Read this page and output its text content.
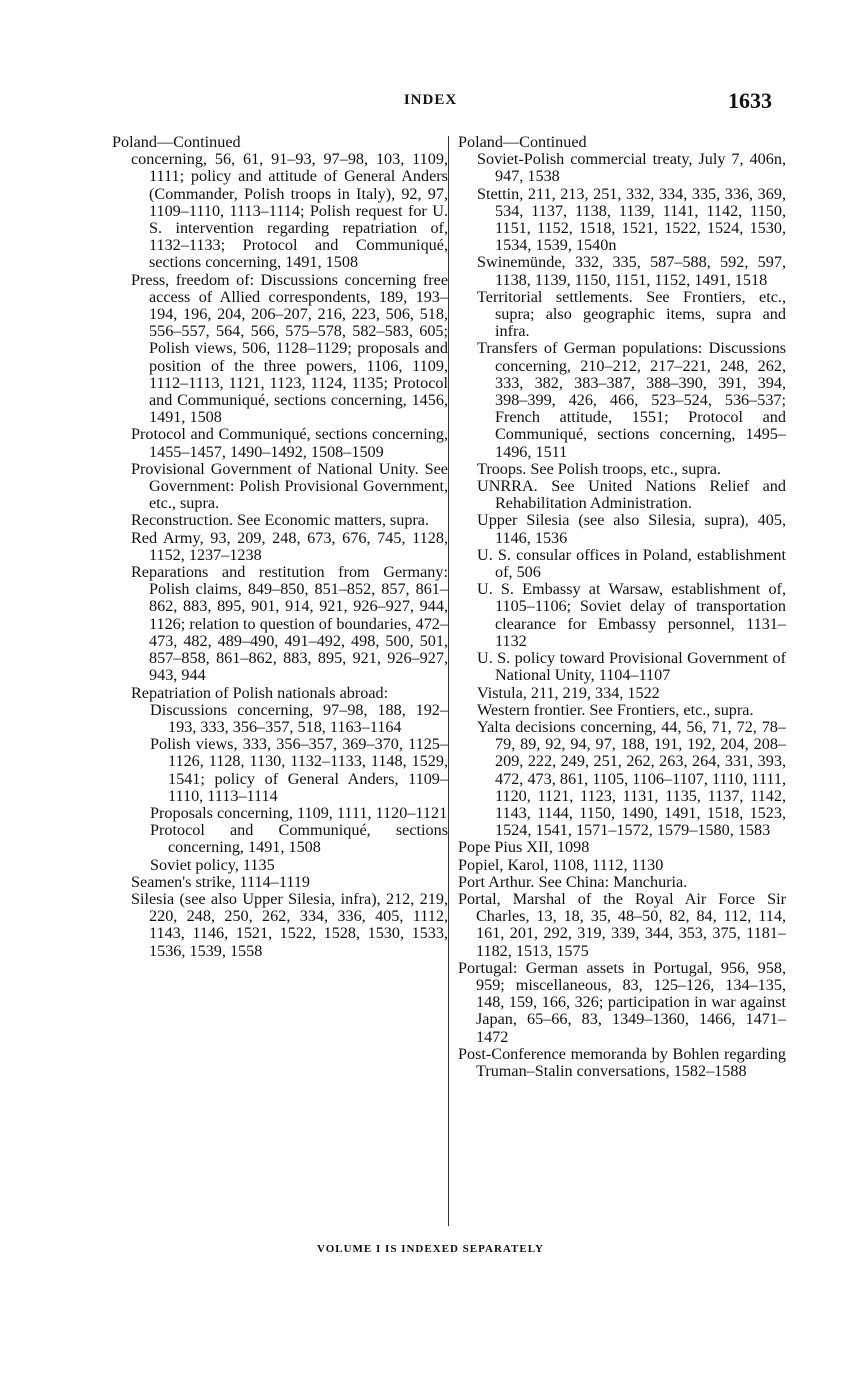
INDEX	1633
Poland—Continued
concerning, 56, 61, 91–93, 97–98, 103, 1109, 1111; policy and attitude of General Anders (Commander, Polish troops in Italy), 92, 97, 1109–1110, 1113–1114; Polish request for U. S. intervention regarding repatriation of, 1132–1133; Protocol and Communiqué, sections concerning, 1491, 1508
Press, freedom of: Discussions concerning free access of Allied correspondents, 189, 193–194, 196, 204, 206–207, 216, 223, 506, 518, 556–557, 564, 566, 575–578, 582–583, 605; Polish views, 506, 1128–1129; proposals and position of the three powers, 1106, 1109, 1112–1113, 1121, 1123, 1124, 1135; Protocol and Communiqué, sections concerning, 1456, 1491, 1508
Protocol and Communiqué, sections concerning, 1455–1457, 1490–1492, 1508–1509
Provisional Government of National Unity. See Government: Polish Provisional Government, etc., supra.
Reconstruction. See Economic matters, supra.
Red Army, 93, 209, 248, 673, 676, 745, 1128, 1152, 1237–1238
Reparations and restitution from Germany: Polish claims, 849–850, 851–852, 857, 861–862, 883, 895, 901, 914, 921, 926–927, 944, 1126; relation to question of boundaries, 472–473, 482, 489–490, 491–492, 498, 500, 501, 857–858, 861–862, 883, 895, 921, 926–927, 943, 944
Repatriation of Polish nationals abroad:
Discussions concerning, 97–98, 188, 192–193, 333, 356–357, 518, 1163–1164
Polish views, 333, 356–357, 369–370, 1125–1126, 1128, 1130, 1132–1133, 1148, 1529, 1541; policy of General Anders, 1109–1110, 1113–1114
Proposals concerning, 1109, 1111, 1120–1121
Protocol and Communiqué, sections concerning, 1491, 1508
Soviet policy, 1135
Seamen's strike, 1114–1119
Silesia (see also Upper Silesia, infra), 212, 219, 220, 248, 250, 262, 334, 336, 405, 1112, 1143, 1146, 1521, 1522, 1528, 1530, 1533, 1536, 1539, 1558
Poland—Continued
Soviet-Polish commercial treaty, July 7, 406n, 947, 1538
Stettin, 211, 213, 251, 332, 334, 335, 336, 369, 534, 1137, 1138, 1139, 1141, 1142, 1150, 1151, 1152, 1518, 1521, 1522, 1524, 1530, 1534, 1539, 1540n
Swinemünde, 332, 335, 587–588, 592, 597, 1138, 1139, 1150, 1151, 1152, 1491, 1518
Territorial settlements. See Frontiers, etc., supra; also geographic items, supra and infra.
Transfers of German populations: Discussions concerning, 210–212, 217–221, 248, 262, 333, 382, 383–387, 388–390, 391, 394, 398–399, 426, 466, 523–524, 536–537; French attitude, 1551; Protocol and Communiqué, sections concerning, 1495–1496, 1511
Troops. See Polish troops, etc., supra.
UNRRA. See United Nations Relief and Rehabilitation Administration.
Upper Silesia (see also Silesia, supra), 405, 1146, 1536
U. S. consular offices in Poland, establishment of, 506
U. S. Embassy at Warsaw, establishment of, 1105–1106; Soviet delay of transportation clearance for Embassy personnel, 1131–1132
U. S. policy toward Provisional Government of National Unity, 1104–1107
Vistula, 211, 219, 334, 1522
Western frontier. See Frontiers, etc., supra.
Yalta decisions concerning, 44, 56, 71, 72, 78–79, 89, 92, 94, 97, 188, 191, 192, 204, 208–209, 222, 249, 251, 262, 263, 264, 331, 393, 472, 473, 861, 1105, 1106–1107, 1110, 1111, 1120, 1121, 1123, 1131, 1135, 1137, 1142, 1143, 1144, 1150, 1490, 1491, 1518, 1523, 1524, 1541, 1571–1572, 1579–1580, 1583
Pope Pius XII, 1098
Popiel, Karol, 1108, 1112, 1130
Port Arthur. See China: Manchuria.
Portal, Marshal of the Royal Air Force Sir Charles, 13, 18, 35, 48–50, 82, 84, 112, 114, 161, 201, 292, 319, 339, 344, 353, 375, 1181–1182, 1513, 1575
Portugal: German assets in Portugal, 956, 958, 959; miscellaneous, 83, 125–126, 134–135, 148, 159, 166, 326; participation in war against Japan, 65–66, 83, 1349–1360, 1466, 1471–1472
Post-Conference memoranda by Bohlen regarding Truman–Stalin conversations, 1582–1588
VOLUME I IS INDEXED SEPARATELY
